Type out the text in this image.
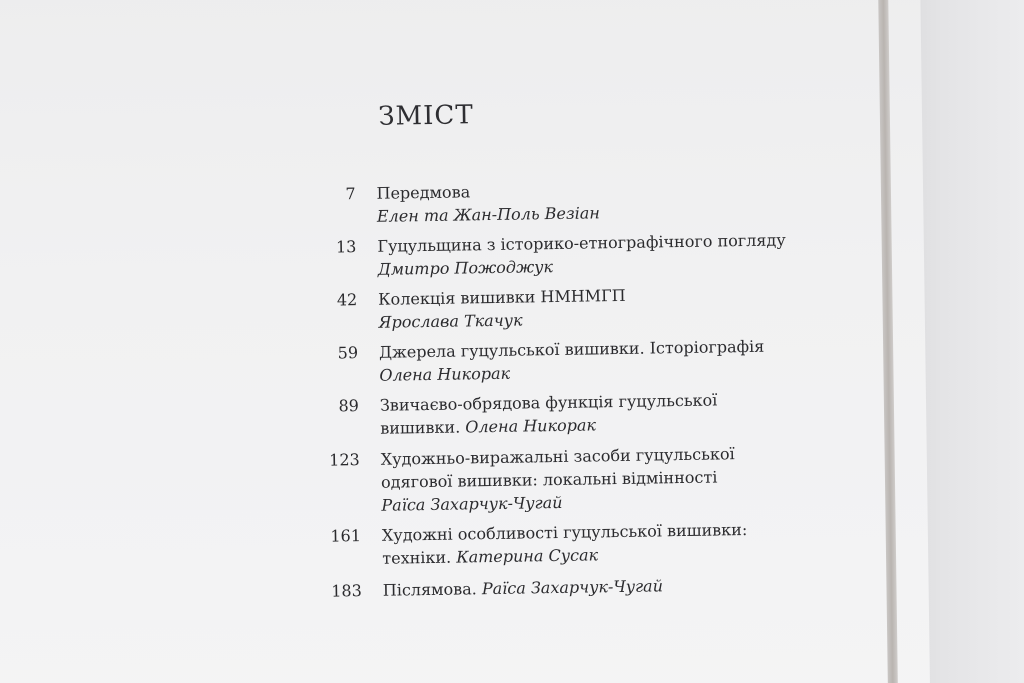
ЗМІСТ
7 Передмова
Елен та Жан-Поль Везіан
13 Гуцульщина з історико-етнографічного погляду
Дмитро Пожоджук
42 Колекція вишивки НМНМГП
Ярослава Ткачук
59 Джерела гуцульської вишивки. Історіографія
Олена Никорак
89 Звичаєво-обрядова функція гуцульської
вишивки. Олена Никорак
123 Художньо-виражальні засоби гуцульської
одягової вишивки: локальні відмінності
Раїса Захарчук-Чугай
161 Художні особливості гуцульської вишивки:
техніки. Катерина Сусак
183 Післямова. Раїса Захарчук-Чугай
